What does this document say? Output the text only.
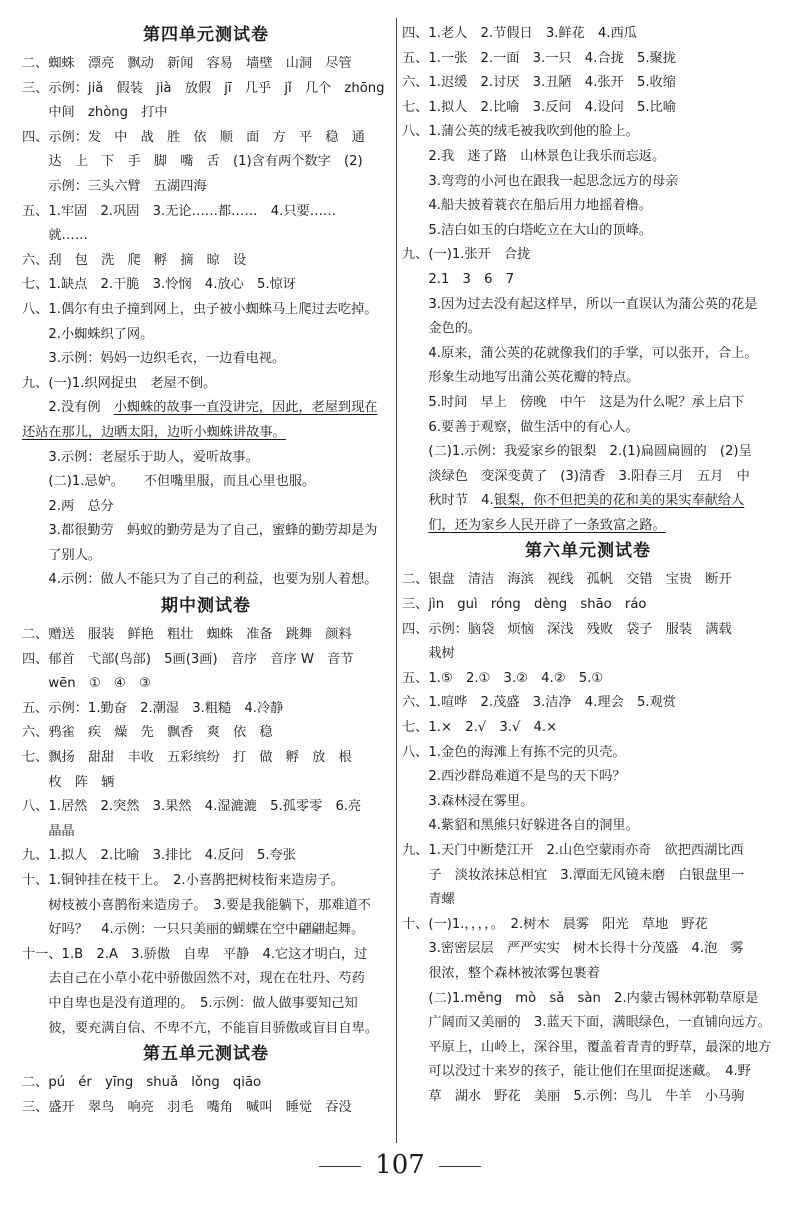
第四单元测试卷
二、蜘蛛　漂亮　飘动　新闻　容易　墙壁　山洞　尽管
三、示例：jiǎ　假装　jià　放假　jī　几乎　jǐ　几个　zhōng
　　中间　zhòng　打中
四、示例：发　中　战　胜　依　顺　面　方　平　稳　通
　　达　上　下　手　脚　嘴　舌　(1)含有两个数字　(2)
　　示例：三头六臂　五湖四海
五、1.牢固　2.巩固　3.无论……都……　4.只要……
　　就……
六、刮　包　洗　爬　孵　摘　晾　设
七、1.缺点　2.干脆　3.怜悯　4.放心　5.惊讶
八、1.偶尔有虫子撞到网上，虫子被小蜘蛛马上爬过去吃掉。
　　2.小蜘蛛织了网。
　　3.示例：妈妈一边织毛衣，一边看电视。
九、(一)1.织网捉虫　老屋不倒。
　　2.没有例　小蜘蛛的故事一直没讲完，因此，老屋到现在
还站在那儿，边晒太阳，边听小蜘蛛讲故事。
　　3.示例：老屋乐于助人，爱听故事。
　　(二)1.忌妒。　　不但嘴里服，而且心里也服。
　　2.两　总分
　　3.都很勤劳　蚂蚁的勤劳是为了自己，蜜蜂的勤劳却是为
　　了别人。
　　4.示例：做人不能只为了自己的利益，也要为别人着想。
期中测试卷
二、赠送　服装　鲜艳　粗壮　蜘蛛　准备　跳舞　颜料
四、郁首　弋部(鸟部)　5画(3画)　音序　音序 W　音节
　　wēn　①　④　③
五、示例：1.勤奋　2.潮湿　3.粗糙　4.冷静
六、鸦雀　疾　燥　先　飘香　爽　依　稳
七、飘扬　甜甜　丰收　五彩缤纷　打　做　孵　放　根
　　枚　阵　辆
八、1.居然　2.突然　3.果然　4.湿漉漉　5.孤零零　6.亮
　　晶晶
九、1.拟人　2.比喻　3.排比　4.反问　5.夸张
十、1.铜钟挂在枝干上。　2.小喜鹊把树枝衔来造房子。
　　树枝被小喜鹊衔来造房子。　3.要是我能躺下，那难道不
　　好吗？　4.示例：一只只美丽的蝴蝶在空中翩翩起舞。
十一、1.B　2.A　3.骄傲　自卑　平静　4.它这才明白，过
　　去自己在小草小花中骄傲固然不对，现在在牡丹、芍药
　　中自卑也是没有道理的。　5.示例：做人做事要知己知
　　彼，要充满自信、不卑不亢，不能盲目骄傲或盲目自卑。
第五单元测试卷
二、pú　ér　yīng　shuǎ　lǒng　qiāo
三、盛开　翠鸟　响亮　羽毛　嘴角　喊叫　睡觉　吞没
四、1.老人　2.节假日　3.鲜花　4.西瓜
五、1.一张　2.一面　3.一只　4.合拢　5.聚拢
六、1.迟缓　2.讨厌　3.丑陋　4.张开　5.收缩
七、1.拟人　2.比喻　3.反问　4.设问　5.比喻
八、1.蒲公英的绒毛被我吹到他的脸上。
　　2.我　迷了路　山林景色让我乐而忘返。
　　3.弯弯的小河也在跟我一起思念远方的母亲
　　4.船夫披着蓑衣在船后用力地摇着橹。
　　5.洁白如玉的白塔屹立在大山的顶峰。
九、(一)1.张开　合拢
　　2.1　3　6　7
　　3.因为过去没有起这样早，所以一直误认为蒲公英的花是
　　金色的。
　　4.原来，蒲公英的花就像我们的手掌，可以张开，合上。
　　形象生动地写出蒲公英花瓣的特点。
　　5.时间　早上　傍晚　中午　这是为什么呢？承上启下
　　6.要善于观察，做生活中的有心人。
　　(二)1.示例：我爱家乡的银梨　2.(1)扁圆扁圆的　(2)呈
　　淡绿色　变深变黄了　(3)清香　3.阳春三月　五月　中
　　秋时节　4.银梨，你不但把美的花和美的果实奉献给人
　　们，还为家乡人民开辟了一条致富之路。
第六单元测试卷
二、银盘　清洁　海滨　视线　孤帆　交错　宝贵　断开
三、jìn　guì　róng　dèng　shāo　ráo
四、示例：脑袋　烦恼　深浅　残败　袋子　服装　满载
　　栽树
五、1.⑤　2.①　3.②　4.②　5.①
六、1.喧哗　2.茂盛　3.洁净　4.理会　5.观赏
七、1.×　2.√　3.√　4.×
八、1.金色的海滩上有拣不完的贝壳。
　　2.西沙群岛难道不是鸟的天下吗？
　　3.森林浸在雾里。
　　4.紫貂和黑熊只好躲进各自的洞里。
九、1.天门中断楚江开　2.山色空蒙雨亦奇　欲把西湖比西
　　子　淡妆浓抹总相宜　3.潭面无风镜未磨　白银盘里一
　　青螺
十、(一)1.，，，，。　2.树木　晨雾　阳光　草地　野花
　　3.密密层层　严严实实　树木长得十分茂盛　4.泡　雾
　　很浓，整个森林被浓雾包裹着
　　(二)1.měng　mò　sǎ　sàn　2.内蒙古锡林郭勒草原是
　　广阔而又美丽的　3.蓝天下面，满眼绿色，一直铺向远方。
　　平原上，山岭上，深谷里，覆盖着青青的野草，最深的地方
　　可以没过十来岁的孩子，能让他们在里面捉迷藏。　4.野
　　草　湖水　野花　美丽　5.示例：鸟儿　牛羊　小马驹
107
